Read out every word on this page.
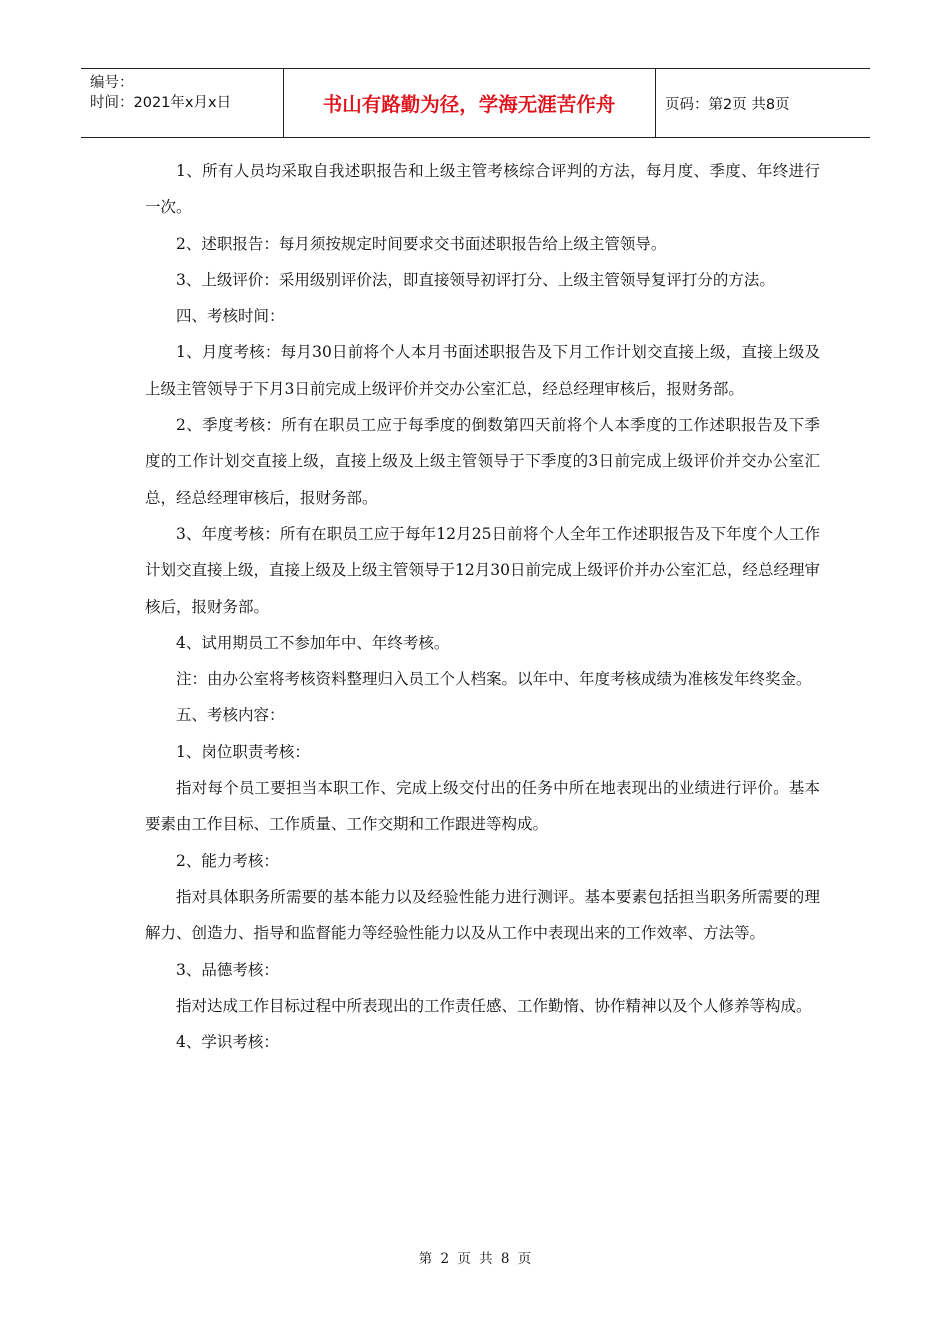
编号：
时间：2021年x月x日	书山有路勤为径，学海无涯苦作舟	页码：第2页 共8页

1、所有人员均采取自我述职报告和上级主管考核综合评判的方法，每月度、季度、年终进行一次。

2、述职报告：每月须按规定时间要求交书面述职报告给上级主管领导。

3、上级评价：采用级别评价法，即直接领导初评打分、上级主管领导复评打分的方法。

四、考核时间：

1、月度考核：每月30日前将个人本月书面述职报告及下月工作计划交直接上级，直接上级及上级主管领导于下月3日前完成上级评价并交办公室汇总，经总经理审核后，报财务部。

2、季度考核：所有在职员工应于每季度的倒数第四天前将个人本季度的工作述职报告及下季度的工作计划交直接上级，直接上级及上级主管领导于下季度的3日前完成上级评价并交办公室汇总，经总经理审核后，报财务部。

3、年度考核：所有在职员工应于每年12月25日前将个人全年工作述职报告及下年度个人工作计划交直接上级，直接上级及上级主管领导于12月30日前完成上级评价并办公室汇总，经总经理审核后，报财务部。

4、试用期员工不参加年中、年终考核。

注：由办公室将考核资料整理归入员工个人档案。以年中、年度考核成绩为准核发年终奖金。

五、考核内容：

1、岗位职责考核：

指对每个员工要担当本职工作、完成上级交付出的任务中所在地表现出的业绩进行评价。基本要素由工作目标、工作质量、工作交期和工作跟进等构成。

2、能力考核：

指对具体职务所需要的基本能力以及经验性能力进行测评。基本要素包括担当职务所需要的理解力、创造力、指导和监督能力等经验性能力以及从工作中表现出来的工作效率、方法等。

3、品德考核：

指对达成工作目标过程中所表现出的工作责任感、工作勤惰、协作精神以及个人修养等构成。

4、学识考核：

第 2 页 共 8 页
